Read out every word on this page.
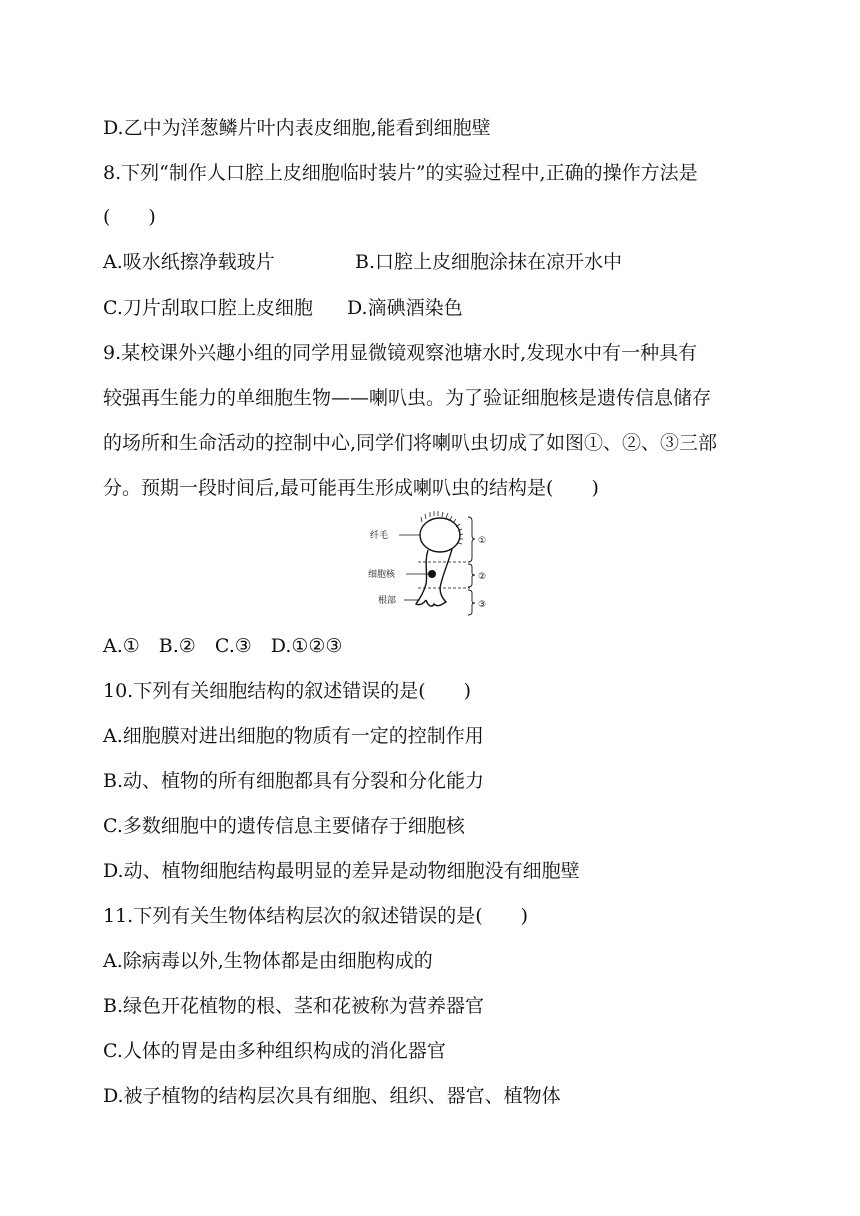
D.乙中为洋葱鳞片叶内表皮细胞,能看到细胞壁
8.下列“制作人口腔上皮细胞临时装片”的实验过程中,正确的操作方法是
(　　)
A.吸水纸擦净载玻片	B.口腔上皮细胞涂抹在凉开水中
C.刀片刮取口腔上皮细胞 D.滴碘酒染色
9.某校课外兴趣小组的同学用显微镜观察池塘水时,发现水中有一种具有
较强再生能力的单细胞生物——喇叭虫。为了验证细胞核是遗传信息储存
的场所和生命活动的控制中心,同学们将喇叭虫切成了如图①、②、③三部
分。预期一段时间后,最可能再生形成喇叭虫的结构是(　　)
纤毛
细胞核
根部
①
②
③
A.①　B.②　C.③　D.①②③
10.下列有关细胞结构的叙述错误的是(　　)
A.细胞膜对进出细胞的物质有一定的控制作用
B.动、植物的所有细胞都具有分裂和分化能力
C.多数细胞中的遗传信息主要储存于细胞核
D.动、植物细胞结构最明显的差异是动物细胞没有细胞壁
11.下列有关生物体结构层次的叙述错误的是(　　)
A.除病毒以外,生物体都是由细胞构成的
B.绿色开花植物的根、茎和花被称为营养器官
C.人体的胃是由多种组织构成的消化器官
D.被子植物的结构层次具有细胞、组织、器官、植物体
